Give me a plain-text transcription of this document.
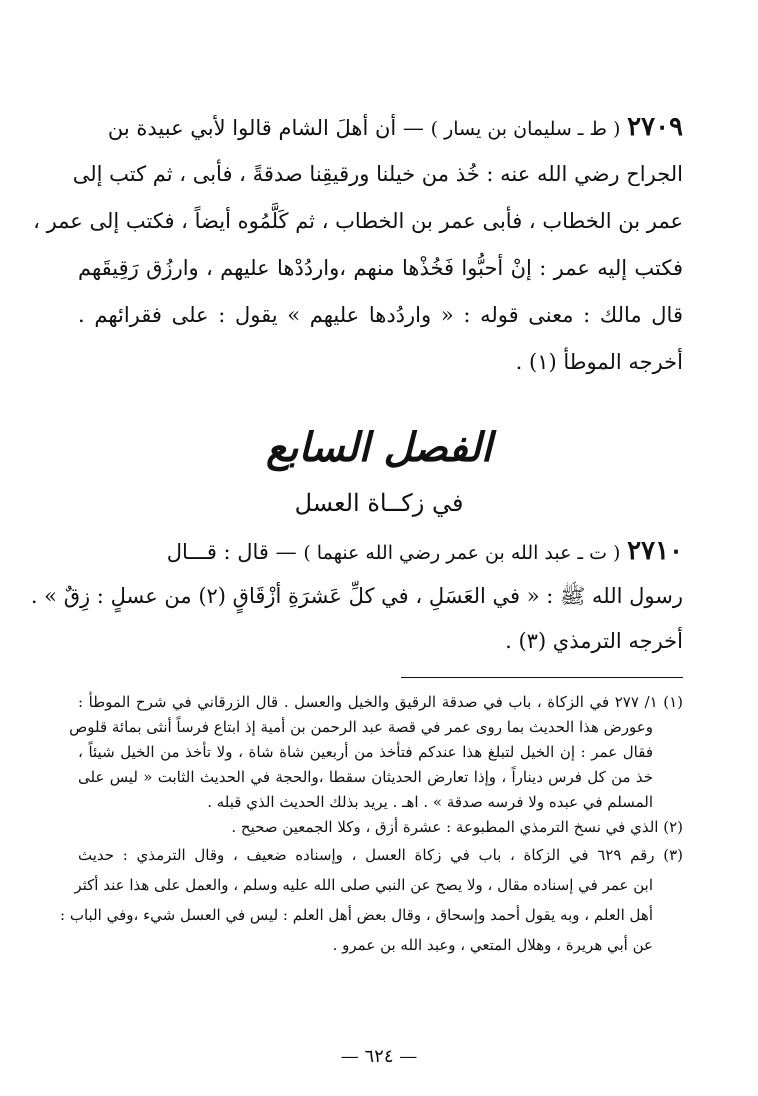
٢٧٠٩ ( ط ـ سليمان بن يسار ) — أن أهلَ الشام قالوا لأبي عبيدة بن
الجراح رضي الله عنه : خُذ من خيلنا ورقيقِنا صدقةً ، فأبى ، ثم كتب إلى
عمر بن الخطاب ، فأبى عمر بن الخطاب ، ثم كَلَّمُوه أيضاً ، فكتب إلى عمر ،
فكتب إليه عمر : إنْ أحبُّوا فَخُذْها منهم ،واردُدْها عليهم ، وارزُق رَقِيقَهم
قال مالك : معنى قوله : « واردُدها عليهم » يقول : على فقرائهم .
أخرجه الموطأ (١) .
الفصل السابع
في زكــاة العسل
٢٧١٠ ( ت ـ عبد الله بن عمر رضي الله عنهما ) — قال : قـــال
رسول الله ﷺ : « في العَسَلِ ، في كلِّ عَشرَةِ أزْقَاقٍ (٢) من عسلٍ : زِقٌ » .
أخرجه الترمذي (٣) .
(١) ١/ ٢٧٧ في الزكاة ، باب في صدقة الرقيق والخيل والعسل . قال الزرقاني في شرح الموطأ :
وعورض هذا الحديث بما روى عمر في قصة عبد الرحمن بن أمية إذ ابتاع فرساً أنثى بمائة قلوص
فقال عمر : إن الخيل لتبلغ هذا عندكم فتأخذ من أربعين شاة شاة ، ولا تأخذ من الخيل شيئاً ،
خذ من كل فرس ديناراً ، وإذا تعارض الحديثان سقطا ،والحجة في الحديث الثابت « ليس على
المسلم في عبده ولا فرسه صدقة » . اهـ . يريد بذلك الحديث الذي قبله .
(٢) الذي في نسخ الترمذي المطبوعة : عشرة أزق ، وكلا الجمعين صحيح .
(٣) رقم ٦٢٩ في الزكاة ، باب في زكاة العسل ، وإسناده ضعيف ، وقال الترمذي : حديث
ابن عمر في إسناده مقال ، ولا يصح عن النبي صلى الله عليه وسلم ، والعمل على هذا عند أكثر
أهل العلم ، وبه يقول أحمد وإسحاق ، وقال بعض أهل العلم : ليس في العسل شيء ،وفي الباب :
عن أبي هريرة ، وهلال المتعي ، وعبد الله بن عمرو .
— ٦٢٤ —
